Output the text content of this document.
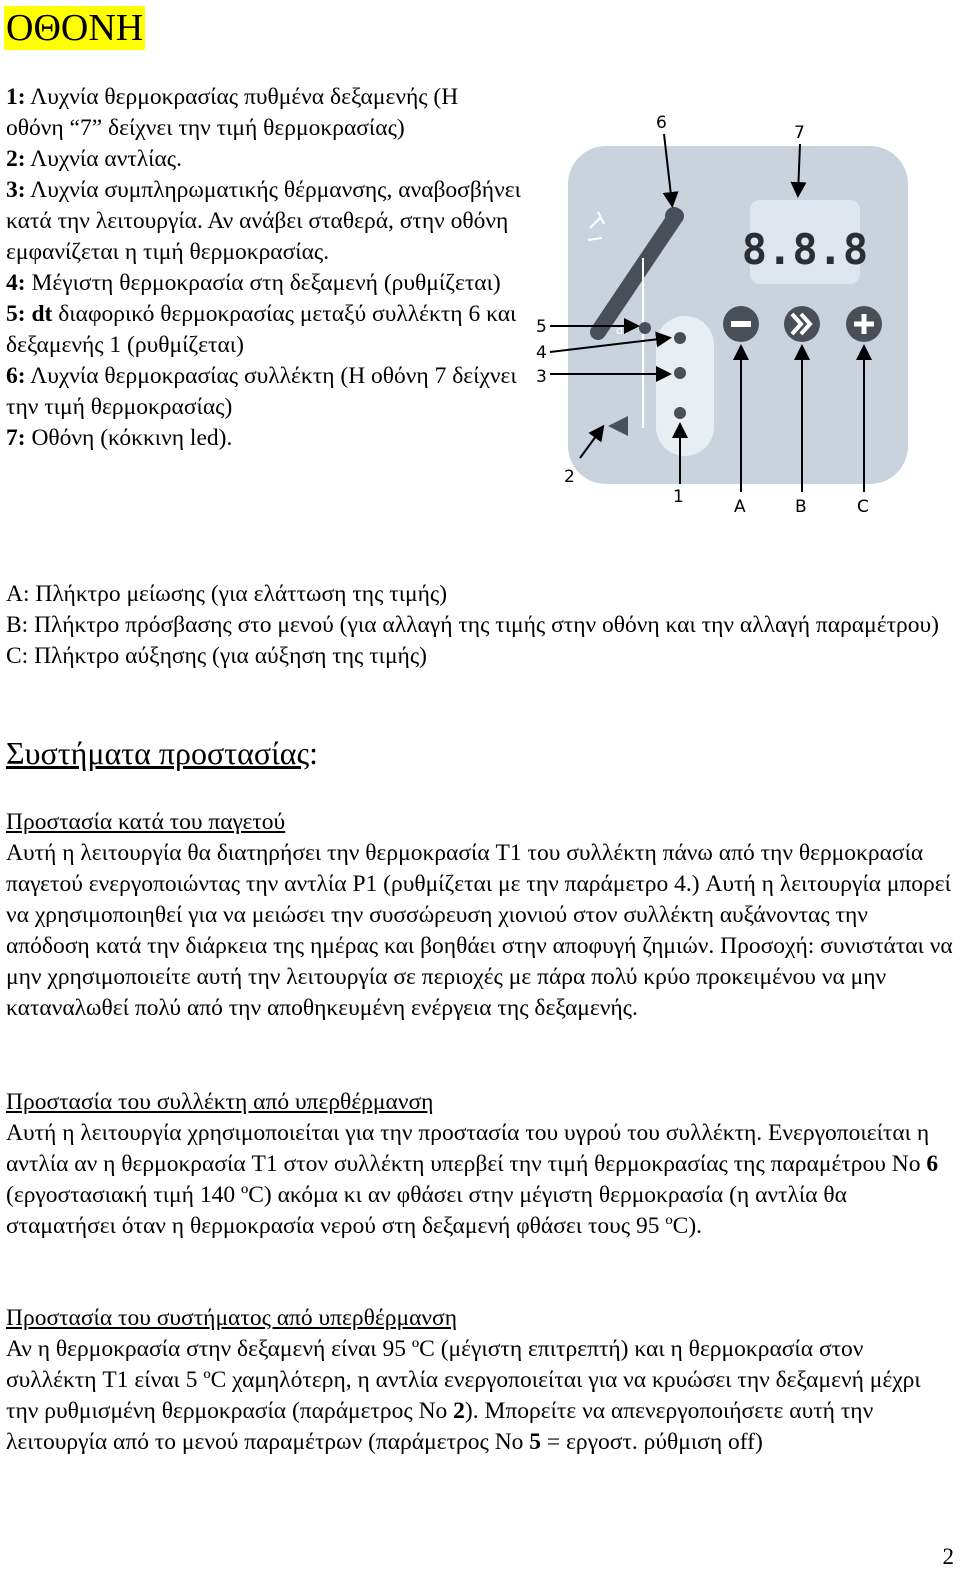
ΟΘΟΝΗ
1: Λυχνία θερμοκρασίας πυθμένα δεξαμενής (Η οθόνη “7” δείχνει την τιμή θερμοκρασίας)
2: Λυχνία αντλίας.
3: Λυχνία συμπληρωματικής θέρμανσης, αναβοσβήνει κατά την λειτουργία. Αν ανάβει σταθερά, στην οθόνη εμφανίζεται η τιμή θερμοκρασίας.
4: Μέγιστη θερμοκρασία στη δεξαμενή (ρυθμίζεται)
5: dt διαφορικό θερμοκρασίας μεταξύ συλλέκτη 6 και δεξαμενής 1 (ρυθμίζεται)
6: Λυχνία θερμοκρασίας συλλέκτη (Η οθόνη 7 δείχνει την τιμή θερμοκρασίας)
7: Οθόνη (κόκκινη led).
8.8.8
dT
6	7
5
4
3
2
1	A	B	C
A: Πλήκτρο μείωσης (για ελάττωση της τιμής)
B: Πλήκτρο πρόσβασης στο μενού (για αλλαγή της τιμής στην οθόνη και την αλλαγή παραμέτρου)
C: Πλήκτρο αύξησης (για αύξηση της τιμής)
Συστήματα προστασίας:
Προστασία κατά του παγετού
Αυτή η λειτουργία θα διατηρήσει την θερμοκρασία T1 του συλλέκτη πάνω από την θερμοκρασία παγετού ενεργοποιώντας την αντλία P1 (ρυθμίζεται με την παράμετρο 4.) Αυτή η λειτουργία μπορεί να χρησιμοποιηθεί για να μειώσει την συσσώρευση χιονιού στον συλλέκτη αυξάνοντας την απόδοση κατά την διάρκεια της ημέρας και βοηθάει στην αποφυγή ζημιών. Προσοχή: συνιστάται να μην χρησιμοποιείτε αυτή την λειτουργία σε περιοχές με πάρα πολύ κρύο προκειμένου να μην καταναλωθεί πολύ από την αποθηκευμένη ενέργεια της δεξαμενής.
Προστασία του συλλέκτη από υπερθέρμανση
Αυτή η λειτουργία χρησιμοποιείται για την προστασία του υγρού του συλλέκτη. Ενεργοποιείται η αντλία αν η θερμοκρασία T1 στον συλλέκτη υπερβεί την τιμή θερμοκρασίας της παραμέτρου Νο 6 (εργοστασιακή τιμή 140 ºC) ακόμα κι αν φθάσει στην μέγιστη θερμοκρασία (η αντλία θα σταματήσει όταν η θερμοκρασία νερού στη δεξαμενή φθάσει τους 95 ºC).
Προστασία του συστήματος από υπερθέρμανση
Αν η θερμοκρασία στην δεξαμενή είναι 95 ºC (μέγιστη επιτρεπτή) και η θερμοκρασία στον συλλέκτη T1 είναι 5 ºC χαμηλότερη, η αντλία ενεργοποιείται για να κρυώσει την δεξαμενή μέχρι την ρυθμισμένη θερμοκρασία (παράμετρος Νο 2). Μπορείτε να απενεργοποιήσετε αυτή την λειτουργία από το μενού παραμέτρων (παράμετρος Νο 5 = εργοστ. ρύθμιση off)
2
